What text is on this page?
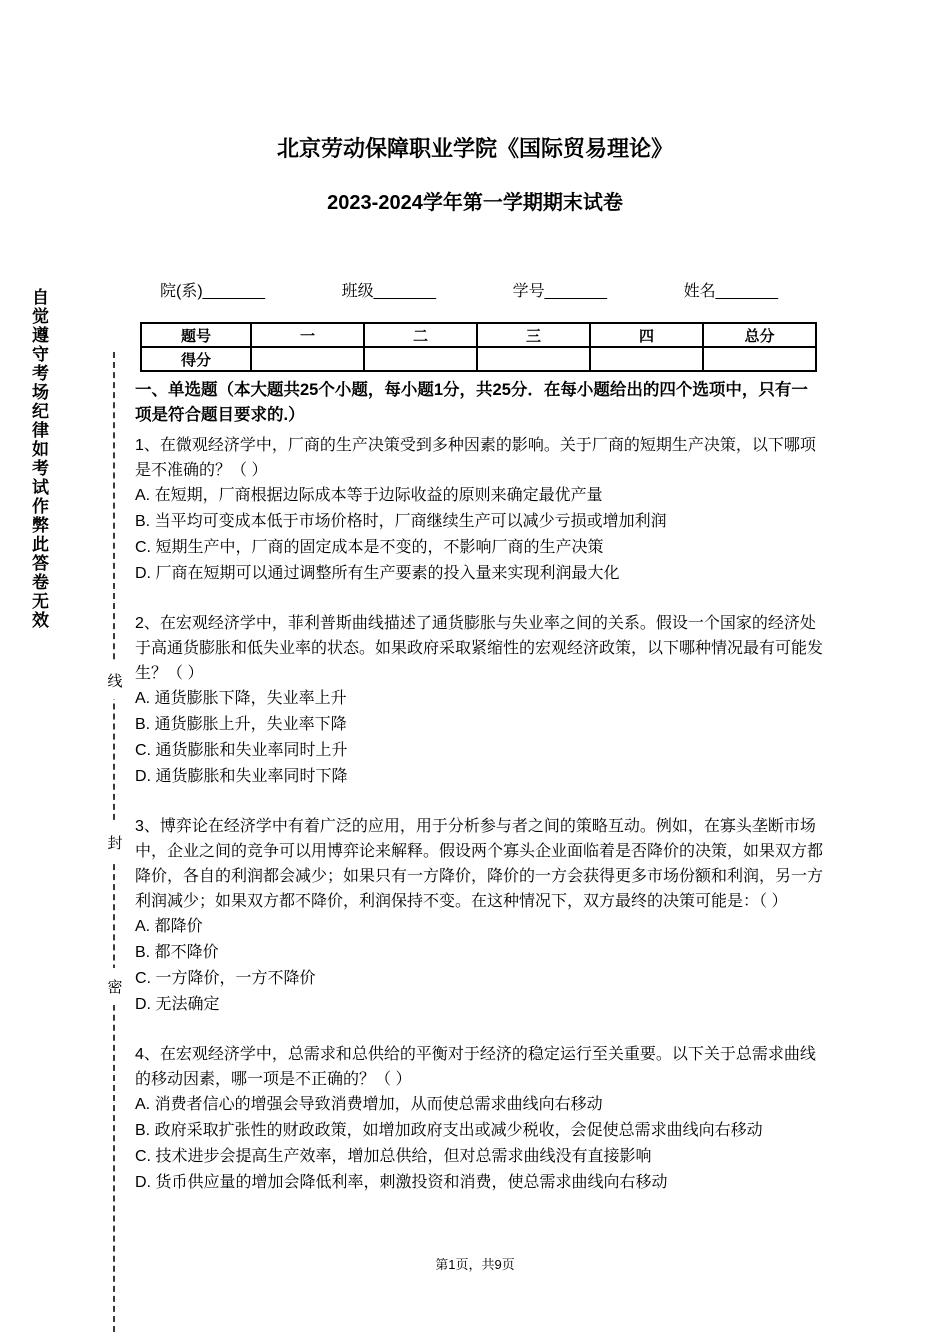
自觉遵守考场纪律如考试作弊此答卷无效
线
封
密
北京劳动保障职业学院《国际贸易理论》
2023-2024学年第一学期期末试卷
院(系)_______	班级_______	学号_______	姓名_______
题号	一	二	三	四	总分
得分					
一、单选题（本大题共25个小题，每小题1分，共25分．在每小题给出的四个选项中，只有一项是符合题目要求的.）
1、在微观经济学中，厂商的生产决策受到多种因素的影响。关于厂商的短期生产决策，以下哪项是不准确的？（ ）
A. 在短期，厂商根据边际成本等于边际收益的原则来确定最优产量
B. 当平均可变成本低于市场价格时，厂商继续生产可以减少亏损或增加利润
C. 短期生产中，厂商的固定成本是不变的，不影响厂商的生产决策
D. 厂商在短期可以通过调整所有生产要素的投入量来实现利润最大化
2、在宏观经济学中，菲利普斯曲线描述了通货膨胀与失业率之间的关系。假设一个国家的经济处于高通货膨胀和低失业率的状态。如果政府采取紧缩性的宏观经济政策，以下哪种情况最有可能发生？（ ）
A. 通货膨胀下降，失业率上升
B. 通货膨胀上升，失业率下降
C. 通货膨胀和失业率同时上升
D. 通货膨胀和失业率同时下降
3、博弈论在经济学中有着广泛的应用，用于分析参与者之间的策略互动。例如，在寡头垄断市场中，企业之间的竞争可以用博弈论来解释。假设两个寡头企业面临着是否降价的决策，如果双方都降价，各自的利润都会减少；如果只有一方降价，降价的一方会获得更多市场份额和利润，另一方利润减少；如果双方都不降价，利润保持不变。在这种情况下，双方最终的决策可能是：（ ）
A. 都降价
B. 都不降价
C. 一方降价，一方不降价
D. 无法确定
4、在宏观经济学中，总需求和总供给的平衡对于经济的稳定运行至关重要。以下关于总需求曲线的移动因素，哪一项是不正确的？（ ）
A. 消费者信心的增强会导致消费增加，从而使总需求曲线向右移动
B. 政府采取扩张性的财政政策，如增加政府支出或减少税收，会促使总需求曲线向右移动
C. 技术进步会提高生产效率，增加总供给，但对总需求曲线没有直接影响
D. 货币供应量的增加会降低利率，刺激投资和消费，使总需求曲线向右移动
第1页，共9页
